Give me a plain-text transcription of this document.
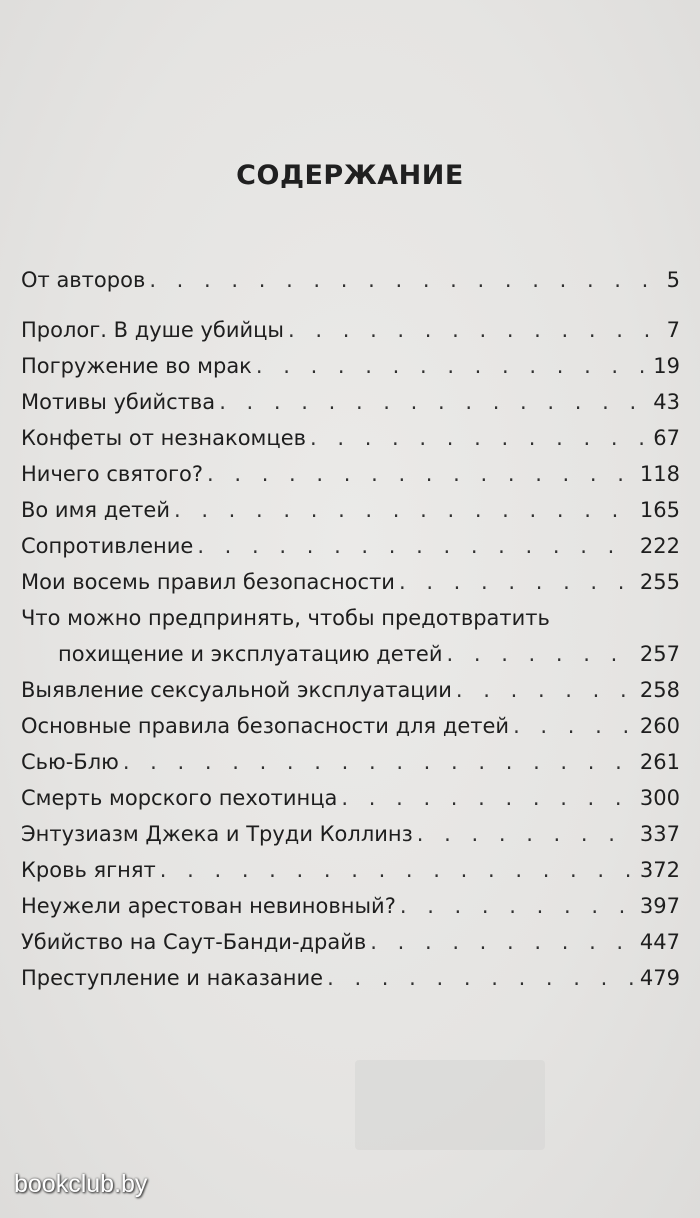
СОДЕРЖАНИЕ
От авторов . . .	5
Пролог. В душе убийцы . . .	7
Погружение во мрак . . .	19
Мотивы убийства . . .	43
Конфеты от незнакомцев . . .	67
Ничего святого? . . .	118
Во имя детей . . .	165
Сопротивление . . .	222
Мои восемь правил безопасности . . .	255
Что можно предпринять, чтобы предотвратить
похищение и эксплуатацию детей . . .	257
Выявление сексуальной эксплуатации . . .	258
Основные правила безопасности для детей . . .	260
Сью-Блю . . .	261
Смерть морского пехотинца . . .	300
Энтузиазм Джека и Труди Коллинз . . .	337
Кровь ягнят . . .	372
Неужели арестован невиновный? . . .	397
Убийство на Саут-Банди-драйв . . .	447
Преступление и наказание . . .	479
bookclub.by
